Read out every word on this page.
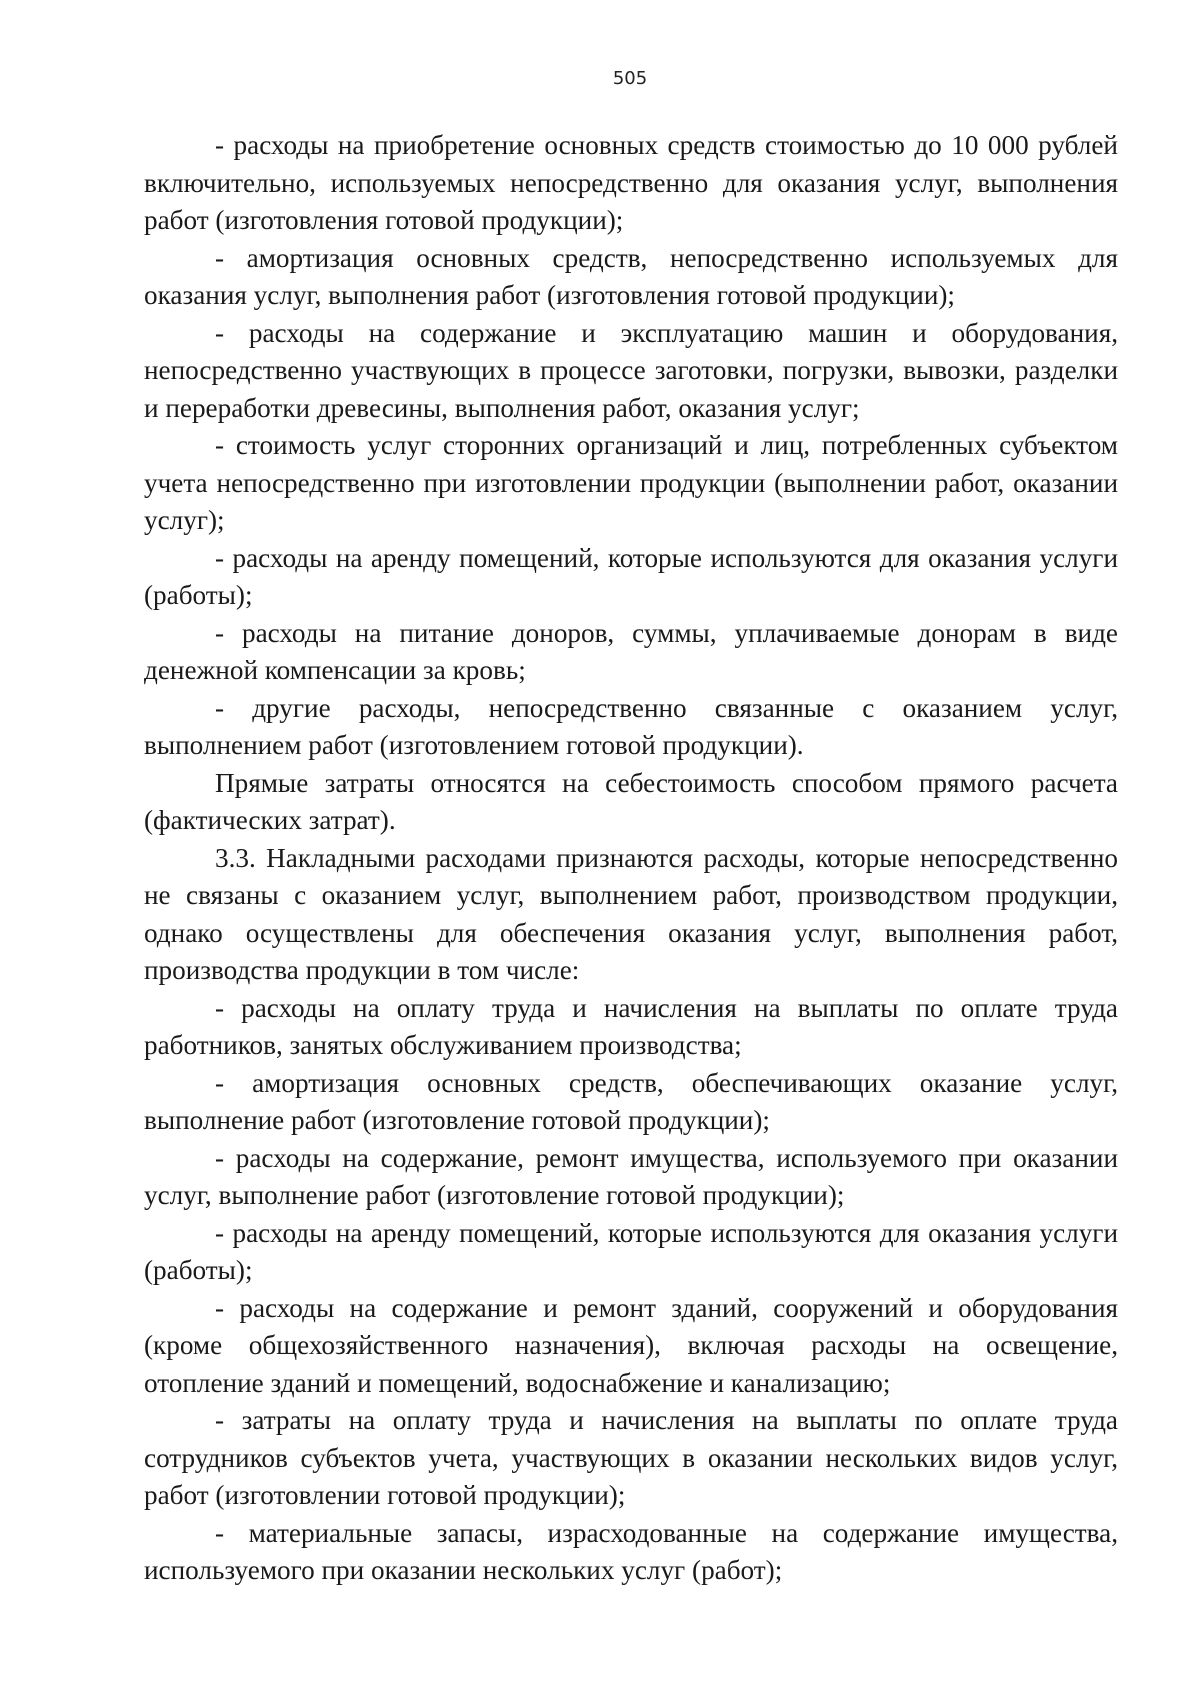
505

- расходы на приобретение основных средств стоимостью до 10 000 рублей включительно, используемых непосредственно для оказания услуг, выполнения работ (изготовления готовой продукции);

- амортизация основных средств, непосредственно используемых для оказания услуг, выполнения работ (изготовления готовой продукции);

- расходы на содержание и эксплуатацию машин и оборудования, непосредственно участвующих в процессе заготовки, погрузки, вывозки, разделки и переработки древесины, выполнения работ, оказания услуг;

- стоимость услуг сторонних организаций и лиц, потребленных субъектом учета непосредственно при изготовлении продукции (выполнении работ, оказании услуг);

- расходы на аренду помещений, которые используются для оказания услуги (работы);

- расходы на питание доноров, суммы, уплачиваемые донорам в виде денежной компенсации за кровь;

- другие расходы, непосредственно связанные с оказанием услуг, выполнением работ (изготовлением готовой продукции).

Прямые затраты относятся на себестоимость способом прямого расчета (фактических затрат).

3.3. Накладными расходами признаются расходы, которые непосредственно не связаны с оказанием услуг, выполнением работ, производством продукции, однако осуществлены для обеспечения оказания услуг, выполнения работ, производства продукции в том числе:

- расходы на оплату труда и начисления на выплаты по оплате труда работников, занятых обслуживанием производства;

- амортизация основных средств, обеспечивающих оказание услуг, выполнение работ (изготовление готовой продукции);

- расходы на содержание, ремонт имущества, используемого при оказании услуг, выполнение работ (изготовление готовой продукции);

- расходы на аренду помещений, которые используются для оказания услуги (работы);

- расходы на содержание и ремонт зданий, сооружений и оборудования (кроме общехозяйственного назначения), включая расходы на освещение, отопление зданий и помещений, водоснабжение и канализацию;

- затраты на оплату труда и начисления на выплаты по оплате труда сотрудников субъектов учета, участвующих в оказании нескольких видов услуг, работ (изготовлении готовой продукции);

- материальные запасы, израсходованные на содержание имущества, используемого при оказании нескольких услуг (работ);
